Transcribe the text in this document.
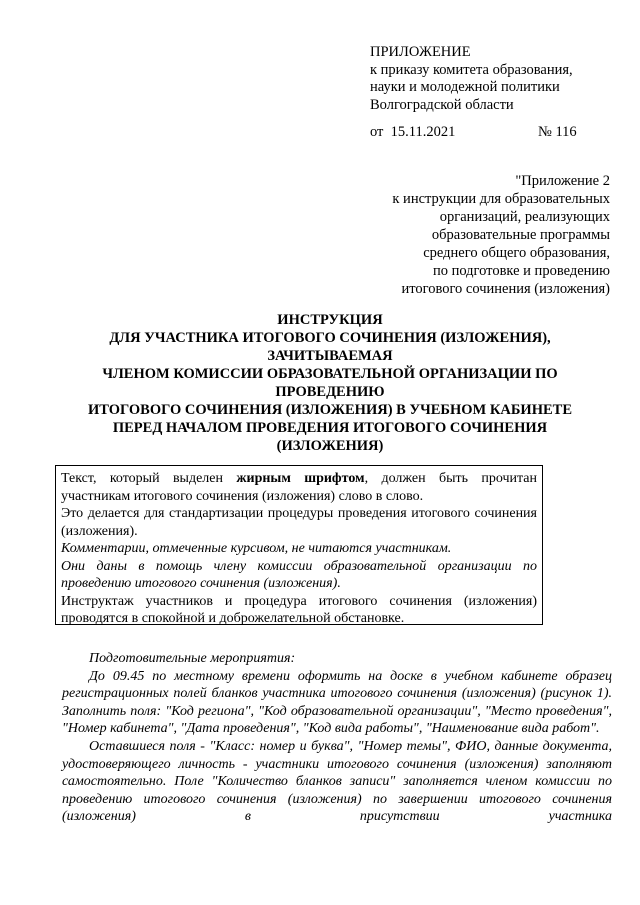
ПРИЛОЖЕНИЕ
к приказу комитета образования,
науки и молодежной политики
Волгоградской области
от 15.11.2021	№ 116
"Приложение 2
к инструкции для образовательных
организаций, реализующих
образовательные программы
среднего общего образования,
по подготовке и проведению
итогового сочинения (изложения)
ИНСТРУКЦИЯ
ДЛЯ УЧАСТНИКА ИТОГОВОГО СОЧИНЕНИЯ (ИЗЛОЖЕНИЯ),
ЗАЧИТЫВАЕМАЯ
ЧЛЕНОМ КОМИССИИ ОБРАЗОВАТЕЛЬНОЙ ОРГАНИЗАЦИИ ПО
ПРОВЕДЕНИЮ
ИТОГОВОГО СОЧИНЕНИЯ (ИЗЛОЖЕНИЯ) В УЧЕБНОМ КАБИНЕТЕ
ПЕРЕД НАЧАЛОМ ПРОВЕДЕНИЯ ИТОГОВОГО СОЧИНЕНИЯ
(ИЗЛОЖЕНИЯ)

Текст, который выделен жирным шрифтом, должен быть прочитан участникам итогового сочинения (изложения) слово в слово.

Это делается для стандартизации процедуры проведения итогового сочинения (изложения).

Комментарии, отмеченные курсивом, не читаются участникам.

Они даны в помощь члену комиссии образовательной организации по проведению итогового сочинения (изложения).

Инструктаж участников и процедура итогового сочинения (изложения) проводятся в спокойной и доброжелательной обстановке.

Подготовительные мероприятия:

До 09.45 по местному времени оформить на доске в учебном кабинете образец регистрационных полей бланков участника итогового сочинения (изложения) (рисунок 1). Заполнить поля: "Код региона", "Код образовательной организации", "Место проведения", "Номер кабинета", "Дата проведения", "Код вида работы", "Наименование вида работ".

Оставшиеся поля - "Класс: номер и буква", "Номер темы", ФИО, данные документа, удостоверяющего личность - участники итогового сочинения (изложения) заполняют самостоятельно. Поле "Количество бланков записи" заполняется членом комиссии по проведению итогового сочинения (изложения) по завершении итогового сочинения (изложения) в присутствии участника
